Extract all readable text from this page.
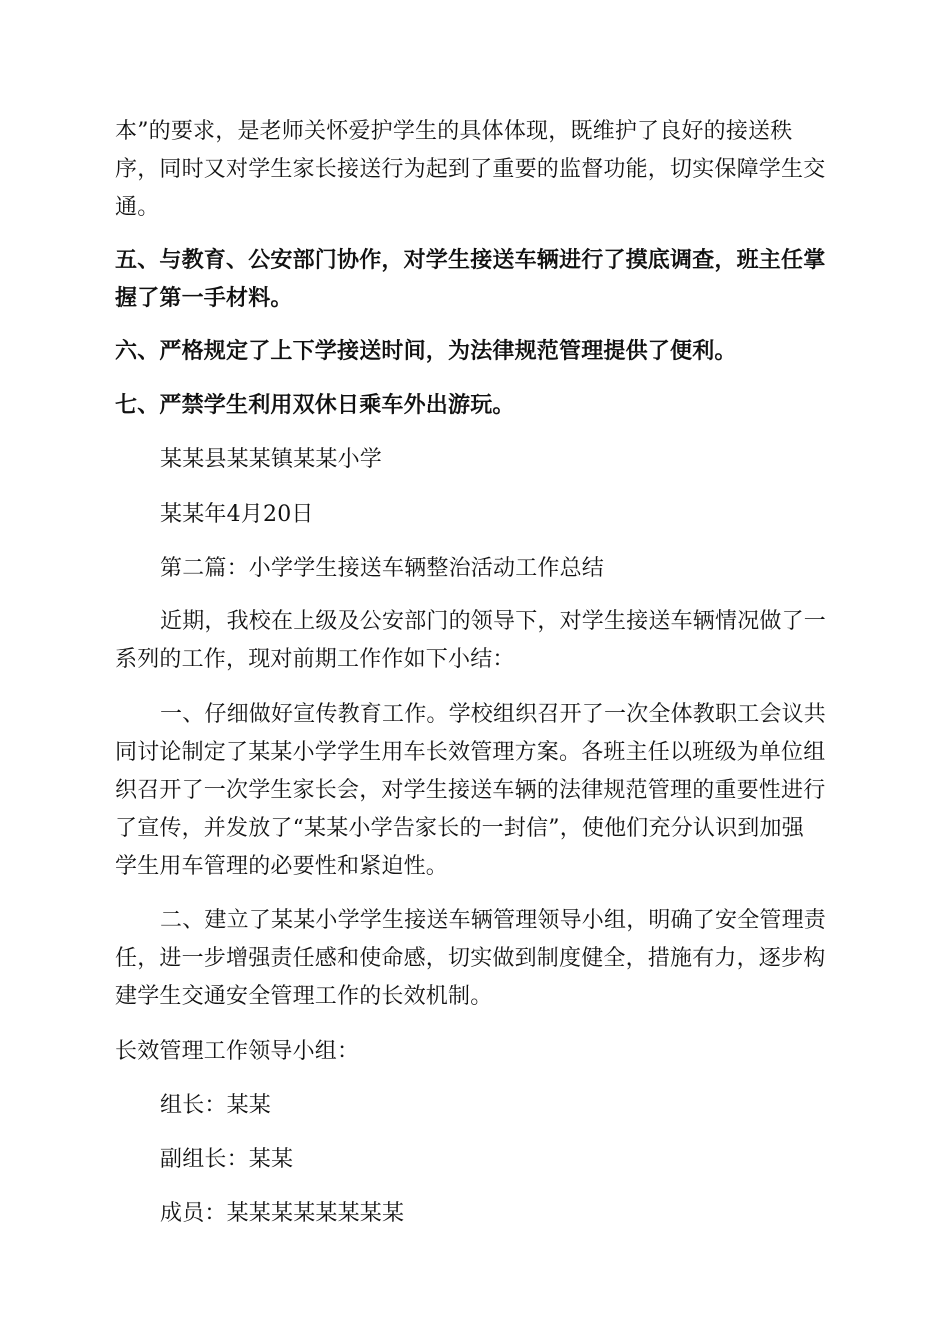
本”的要求，是老师关怀爱护学生的具体体现，既维护了良好的接送秩
序，同时又对学生家长接送行为起到了重要的监督功能，切实保障学生交
通。
五、与教育、公安部门协作，对学生接送车辆进行了摸底调查，班主任掌
握了第一手材料。
六、严格规定了上下学接送时间，为法律规范管理提供了便利。
七、严禁学生利用双休日乘车外出游玩。
某某县某某镇某某小学
某某年4月20日
第二篇：小学学生接送车辆整治活动工作总结
近期，我校在上级及公安部门的领导下，对学生接送车辆情况做了一
系列的工作，现对前期工作作如下小结：
一、仔细做好宣传教育工作。学校组织召开了一次全体教职工会议共
同讨论制定了某某小学学生用车长效管理方案。各班主任以班级为单位组
织召开了一次学生家长会，对学生接送车辆的法律规范管理的重要性进行
了宣传，并发放了“某某小学告家长的一封信”，使他们充分认识到加强
学生用车管理的必要性和紧迫性。
二、建立了某某小学学生接送车辆管理领导小组，明确了安全管理责
任，进一步增强责任感和使命感，切实做到制度健全，措施有力，逐步构
建学生交通安全管理工作的长效机制。
长效管理工作领导小组：
组长：某某
副组长：某某
成员：某某某某某某某某
